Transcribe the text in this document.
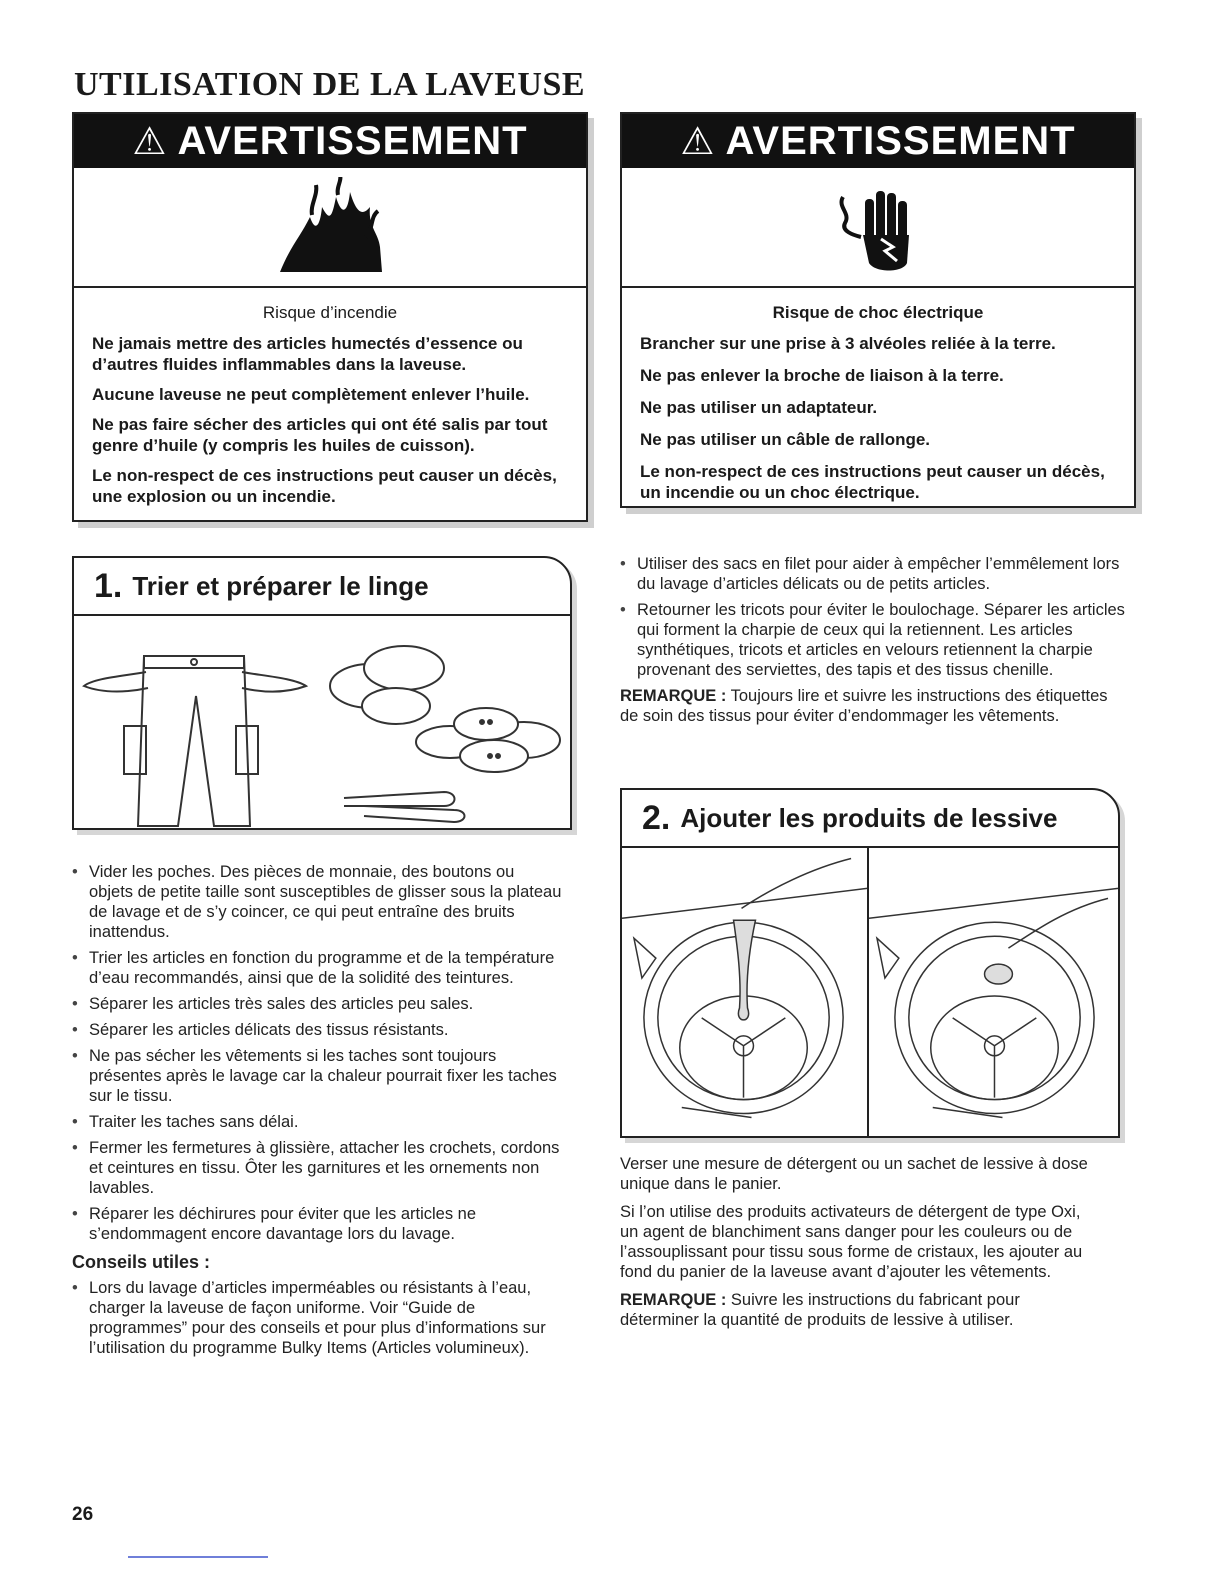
UTILISATION DE LA LAVEUSE
⚠ AVERTISSEMENT
Risque d’incendie

Ne jamais mettre des articles humectés d’essence ou d’autres fluides inflammables dans la laveuse.

Aucune laveuse ne peut complètement enlever l’huile.

Ne pas faire sécher des articles qui ont été salis par tout genre d’huile (y compris les huiles de cuisson).

Le non-respect de ces instructions peut causer un décès, une explosion ou un incendie.

⚠ AVERTISSEMENT
Risque de choc électrique

Brancher sur une prise à 3 alvéoles reliée à la terre.

Ne pas enlever la broche de liaison à la terre.

Ne pas utiliser un adaptateur.

Ne pas utiliser un câble de rallonge.

Le non-respect de ces instructions peut causer un décès, un incendie ou un choc électrique.

1. Trier et préparer le linge
• Vider les poches. Des pièces de monnaie, des boutons ou objets de petite taille sont susceptibles de glisser sous la plateau de lavage et de s’y coincer, ce qui peut entraîne des bruits inattendus.
• Trier les articles en fonction du programme et de la température d’eau recommandés, ainsi que de la solidité des teintures.
• Séparer les articles très sales des articles peu sales.
• Séparer les articles délicats des tissus résistants.
• Ne pas sécher les vêtements si les taches sont toujours présentes après le lavage car la chaleur pourrait fixer les taches sur le tissu.
• Traiter les taches sans délai.
• Fermer les fermetures à glissière, attacher les crochets, cordons et ceintures en tissu. Ôter les garnitures et les ornements non lavables.
• Réparer les déchirures pour éviter que les articles ne s’endommagent encore davantage lors du lavage.
Conseils utiles :
• Lors du lavage d’articles imperméables ou résistants à l’eau, charger la laveuse de façon uniforme. Voir “Guide de programmes” pour des conseils et pour plus d’informations sur l’utilisation du programme Bulky Items (Articles volumineux).
• Utiliser des sacs en filet pour aider à empêcher l’emmêlement lors du lavage d’articles délicats ou de petits articles.
• Retourner les tricots pour éviter le boulochage. Séparer les articles qui forment la charpie de ceux qui la retiennent. Les articles synthétiques, tricots et articles en velours retiennent la charpie provenant des serviettes, des tapis et des tissus chenille.

REMARQUE : Toujours lire et suivre les instructions des étiquettes de soin des tissus pour éviter d’endommager les vêtements.

2. Ajouter les produits de lessive

Verser une mesure de détergent ou un sachet de lessive à dose unique dans le panier.

Si l’on utilise des produits activateurs de détergent de type Oxi, un agent de blanchiment sans danger pour les couleurs ou de l’assouplissant pour tissu sous forme de cristaux, les ajouter au fond du panier de la laveuse avant d’ajouter les vêtements.

REMARQUE : Suivre les instructions du fabricant pour déterminer la quantité de produits de lessive à utiliser.

26
